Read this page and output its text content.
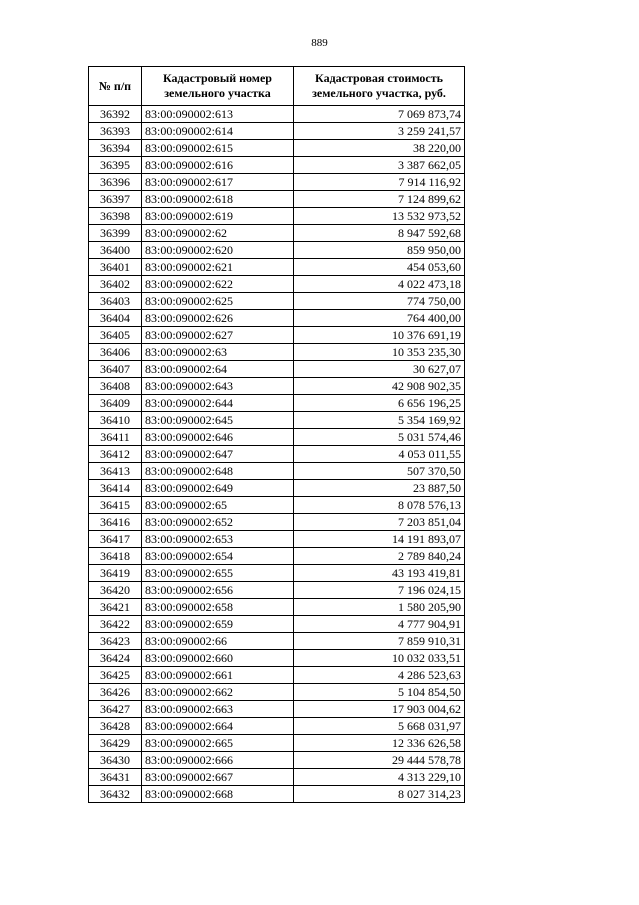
889
№ п/п	Кадастровый номер земельного участка	Кадастровая стоимость земельного участка, руб.
36392	83:00:090002:613	7 069 873,74
36393	83:00:090002:614	3 259 241,57
36394	83:00:090002:615	38 220,00
36395	83:00:090002:616	3 387 662,05
36396	83:00:090002:617	7 914 116,92
36397	83:00:090002:618	7 124 899,62
36398	83:00:090002:619	13 532 973,52
36399	83:00:090002:62	8 947 592,68
36400	83:00:090002:620	859 950,00
36401	83:00:090002:621	454 053,60
36402	83:00:090002:622	4 022 473,18
36403	83:00:090002:625	774 750,00
36404	83:00:090002:626	764 400,00
36405	83:00:090002:627	10 376 691,19
36406	83:00:090002:63	10 353 235,30
36407	83:00:090002:64	30 627,07
36408	83:00:090002:643	42 908 902,35
36409	83:00:090002:644	6 656 196,25
36410	83:00:090002:645	5 354 169,92
36411	83:00:090002:646	5 031 574,46
36412	83:00:090002:647	4 053 011,55
36413	83:00:090002:648	507 370,50
36414	83:00:090002:649	23 887,50
36415	83:00:090002:65	8 078 576,13
36416	83:00:090002:652	7 203 851,04
36417	83:00:090002:653	14 191 893,07
36418	83:00:090002:654	2 789 840,24
36419	83:00:090002:655	43 193 419,81
36420	83:00:090002:656	7 196 024,15
36421	83:00:090002:658	1 580 205,90
36422	83:00:090002:659	4 777 904,91
36423	83:00:090002:66	7 859 910,31
36424	83:00:090002:660	10 032 033,51
36425	83:00:090002:661	4 286 523,63
36426	83:00:090002:662	5 104 854,50
36427	83:00:090002:663	17 903 004,62
36428	83:00:090002:664	5 668 031,97
36429	83:00:090002:665	12 336 626,58
36430	83:00:090002:666	29 444 578,78
36431	83:00:090002:667	4 313 229,10
36432	83:00:090002:668	8 027 314,23
